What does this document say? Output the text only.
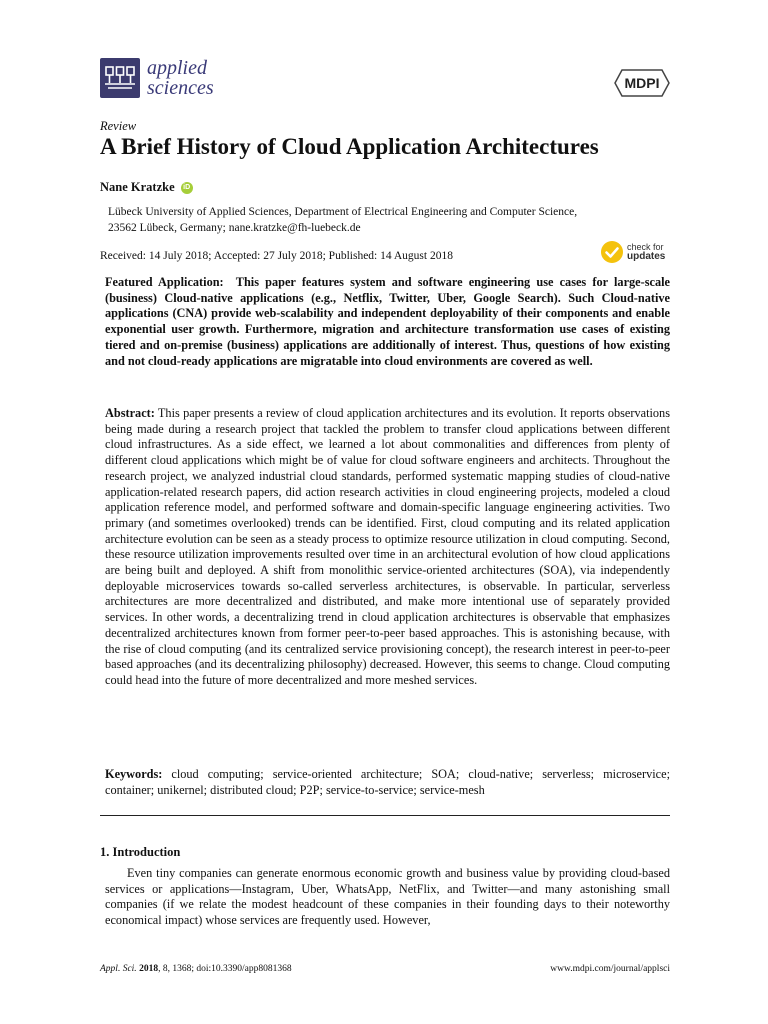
applied
sciences	MDPI
Review
A Brief History of Cloud Application Architectures
Nane Kratzke	iD
Lübeck University of Applied Sciences, Department of Electrical Engineering and Computer Science,
23562 Lübeck, Germany; nane.kratzke@fh-luebeck.de
Received: 14 July 2018; Accepted: 27 July 2018; Published: 14 August 2018
check for
updates
Featured Application: This paper features system and software engineering use cases for large-scale (business) Cloud-native applications (e.g., Netflix, Twitter, Uber, Google Search). Such Cloud-native applications (CNA) provide web-scalability and independent deployability of their components and enable exponential user growth. Furthermore, migration and architecture transformation use cases of existing tiered and on-premise (business) applications are additionally of interest. Thus, questions of how existing and not cloud-ready applications are migratable into cloud environments are covered as well.
Abstract: This paper presents a review of cloud application architectures and its evolution. It reports observations being made during a research project that tackled the problem to transfer cloud applications between different cloud infrastructures. As a side effect, we learned a lot about commonalities and differences from plenty of different cloud applications which might be of value for cloud software engineers and architects. Throughout the research project, we analyzed industrial cloud standards, performed systematic mapping studies of cloud-native application-related research papers, did action research activities in cloud engineering projects, modeled a cloud application reference model, and performed software and domain-specific language engineering activities. Two primary (and sometimes overlooked) trends can be identified. First, cloud computing and its related application architecture evolution can be seen as a steady process to optimize resource utilization in cloud computing. Second, these resource utilization improvements resulted over time in an architectural evolution of how cloud applications are being built and deployed. A shift from monolithic service-oriented architectures (SOA), via independently deployable microservices towards so-called serverless architectures, is observable. In particular, serverless architectures are more decentralized and distributed, and make more intentional use of separately provided services. In other words, a decentralizing trend in cloud application architectures is observable that emphasizes decentralized architectures known from former peer-to-peer based approaches. This is astonishing because, with the rise of cloud computing (and its centralized service provisioning concept), the research interest in peer-to-peer based approaches (and its decentralizing philosophy) decreased. However, this seems to change. Cloud computing could head into the future of more decentralized and more meshed services.
Keywords: cloud computing; service-oriented architecture; SOA; cloud-native; serverless; microservice; container; unikernel; distributed cloud; P2P; service-to-service; service-mesh
1. Introduction
Even tiny companies can generate enormous economic growth and business value by providing cloud-based services or applications—Instagram, Uber, WhatsApp, NetFlix, and Twitter—and many astonishing small companies (if we relate the modest headcount of these companies in their founding days to their noteworthy economical impact) whose services are frequently used. However,
Appl. Sci. 2018, 8, 1368; doi:10.3390/app8081368	www.mdpi.com/journal/applsci
